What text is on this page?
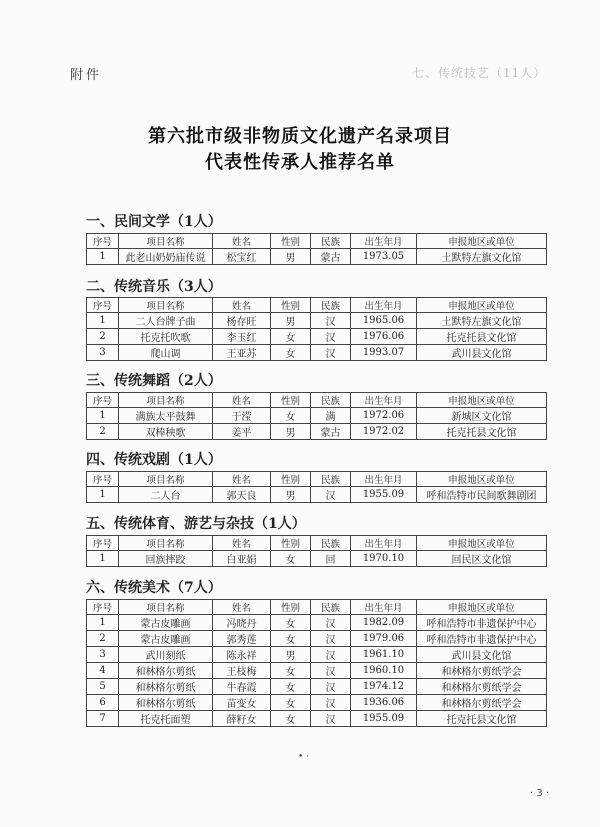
附件	七、传统技艺（11人）
第六批市级非物质文化遗产名录项目
代表性传承人推荐名单
一、民间文学（1人）
序号	项目名称	姓名	性别	民族	出生年月	申报地区或单位
1	此老山奶奶庙传说	松宝红	男	蒙古	1973.05	土默特左旗文化馆
二、传统音乐（3人）
序号	项目名称	姓名	性别	民族	出生年月	申报地区或单位
1	二人台牌子曲	杨存旺	男	汉	1965.06	土默特左旗文化馆
2	托克托吹歌	李玉红	女	汉	1976.06	托克托县文化馆
3	爬山调	王亚苏	女	汉	1993.07	武川县文化馆
三、传统舞蹈（2人）
序号	项目名称	姓名	性别	民族	出生年月	申报地区或单位
1	满族太平鼓舞	于滢	女	满	1972.06	新城区文化馆
2	双棒秧歌	姜平	男	蒙古	1972.02	托克托县文化馆
四、传统戏剧（1人）
序号	项目名称	姓名	性别	民族	出生年月	申报地区或单位
1	二人台	郭天良	男	汉	1955.09	呼和浩特市民间歌舞剧团
五、传统体育、游艺与杂技（1人）
序号	项目名称	姓名	性别	民族	出生年月	申报地区或单位
1	回族摔跤	白亚娟	女	回	1970.10	回民区文化馆
六、传统美术（7人）
序号	项目名称	姓名	性别	民族	出生年月	申报地区或单位
1	蒙古皮雕画	冯晓丹	女	汉	1982.09	呼和浩特市非遗保护中心
2	蒙古皮雕画	郭秀莲	女	汉	1979.06	呼和浩特市非遗保护中心
3	武川刻纸	陈永祥	男	汉	1961.10	武川县文化馆
4	和林格尔剪纸	王枝梅	女	汉	1960.10	和林格尔剪纸学会
5	和林格尔剪纸	牛春霞	女	汉	1974.12	和林格尔剪纸学会
6	和林格尔剪纸	苗变女	女	汉	1936.06	和林格尔剪纸学会
7	托克托面塑	薛籽女	女	汉	1955.09	托克托县文化馆
• ‧
· 3 ·
